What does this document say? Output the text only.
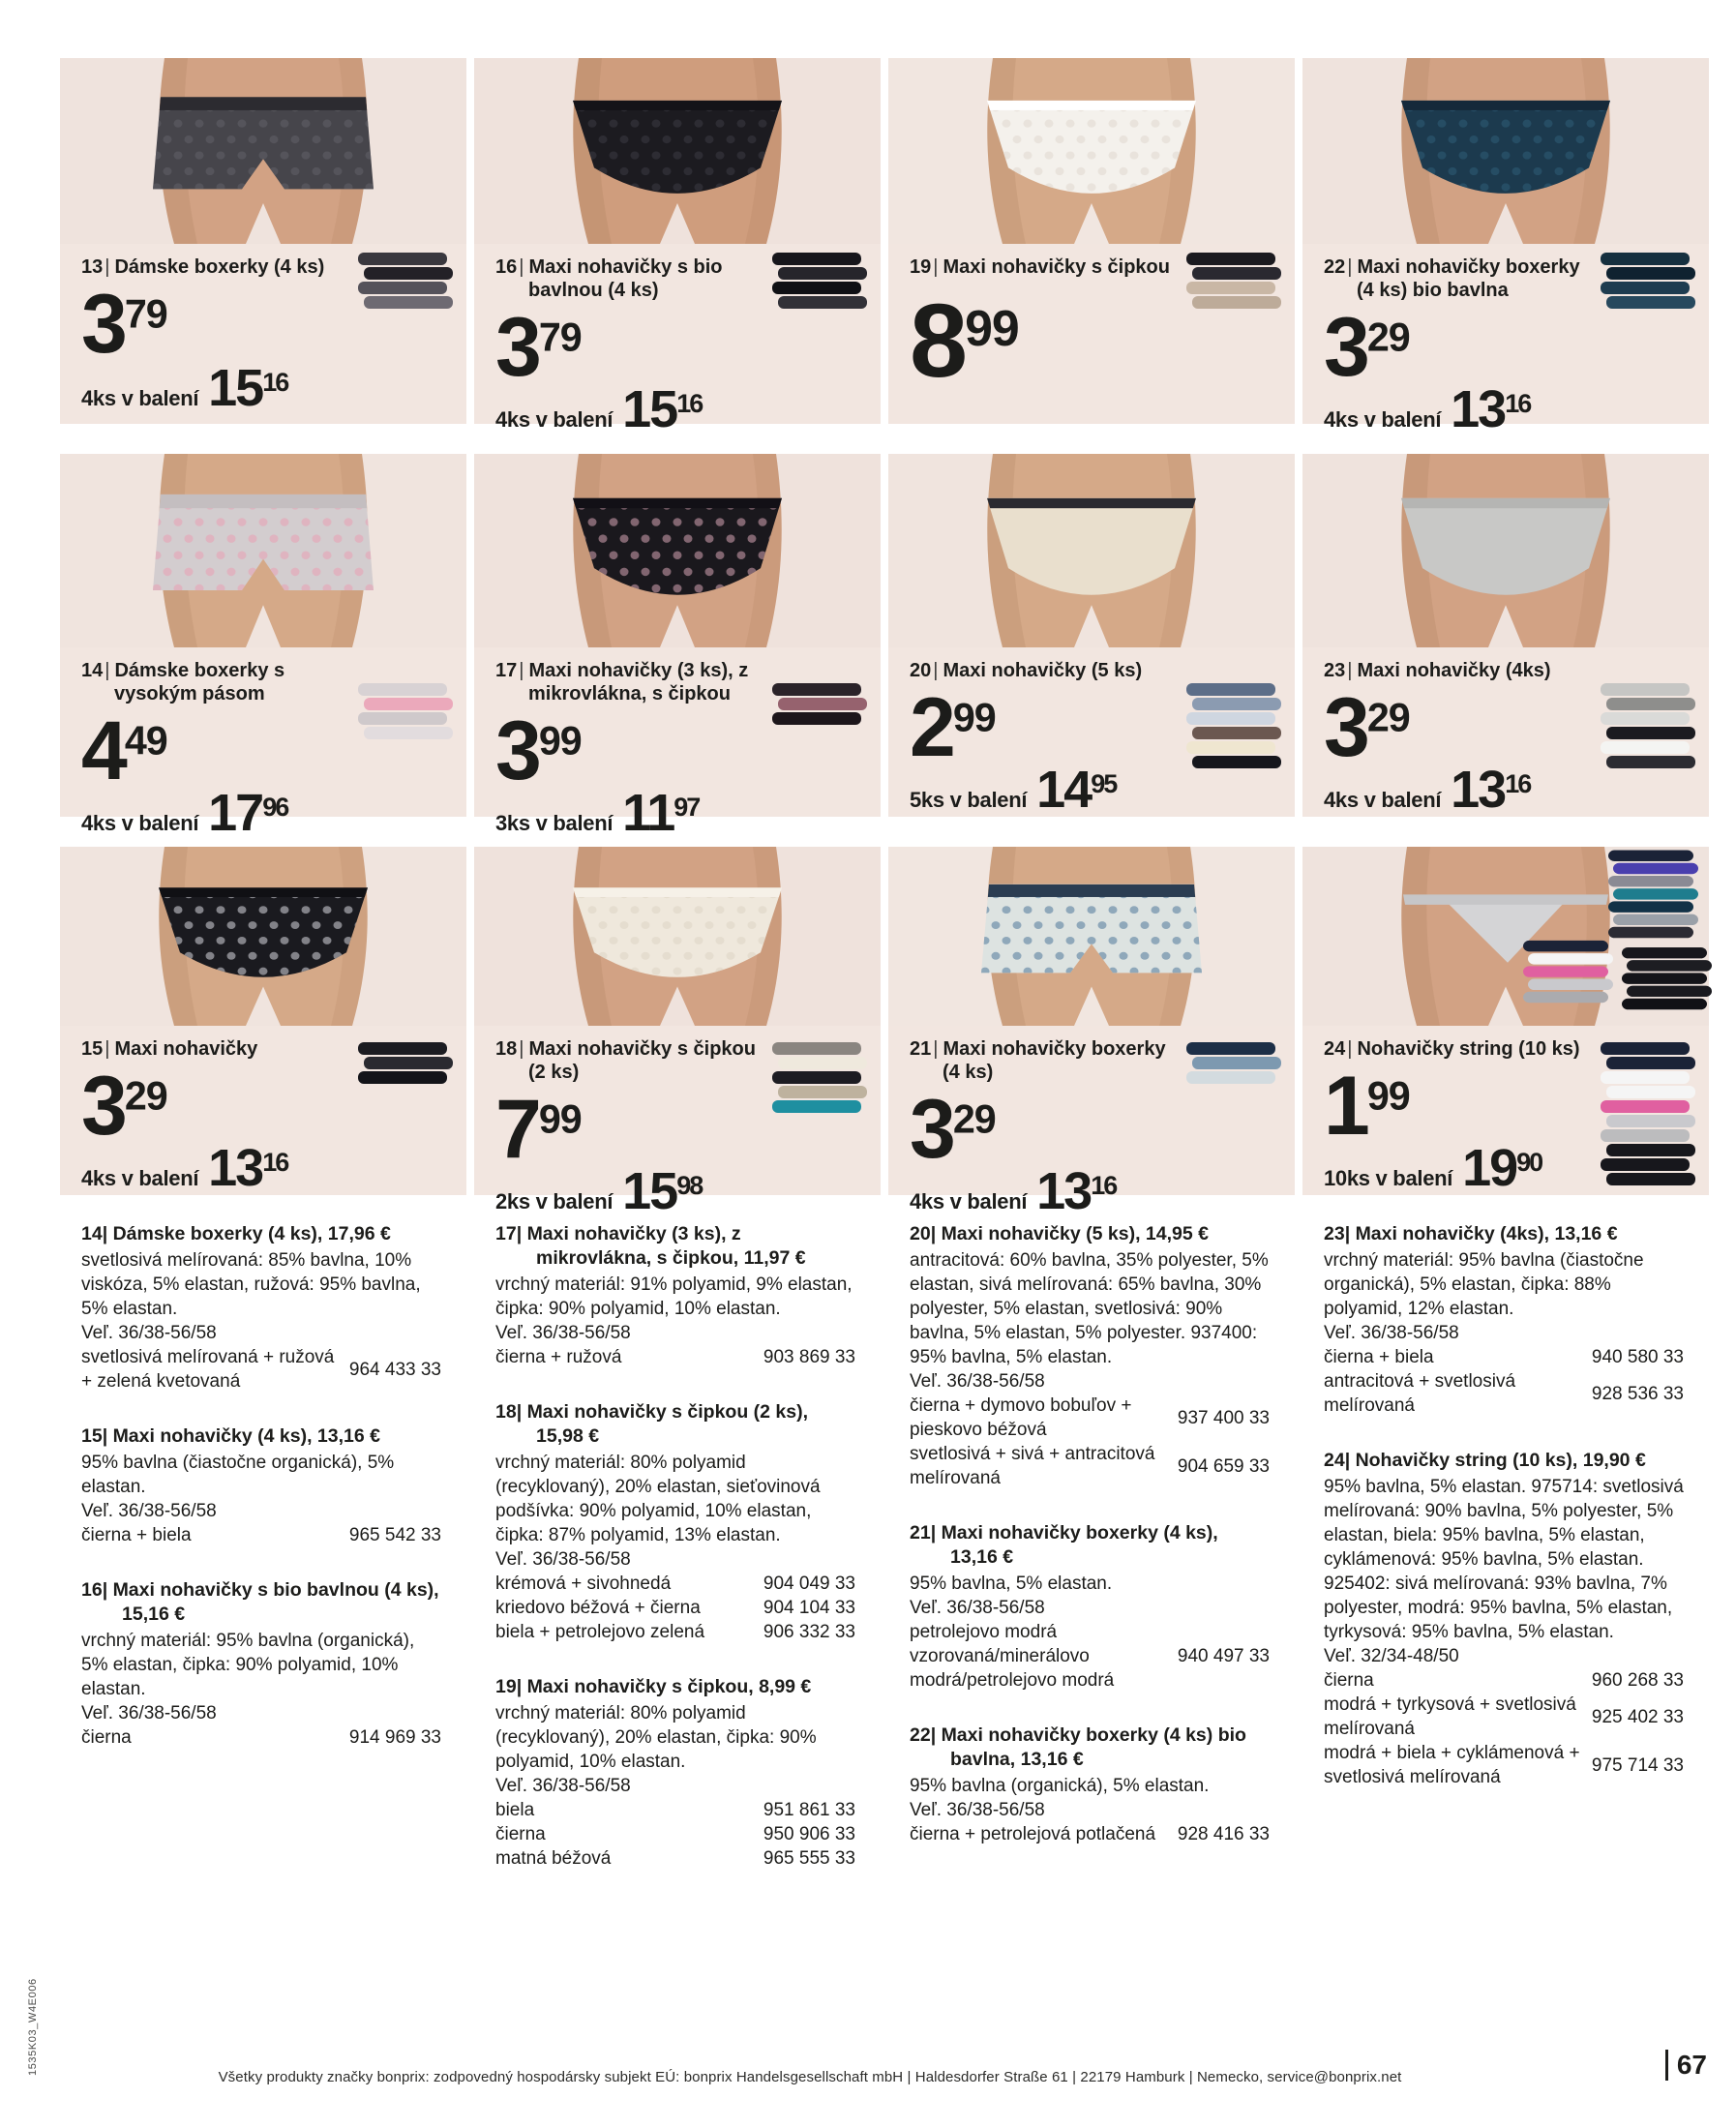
13 | Dámske boxerky (4 ks)
$3^{79}$
4ks v balení $15^{16}$
16 | Maxi nohavičky s bio bavlnou (4 ks)
$3^{79}$
4ks v balení $15^{16}$
19 | Maxi nohavičky s čipkou
$8^{99}$
22 | Maxi nohavičky boxerky (4 ks) bio bavlna
$3^{29}$
4ks v balení $13^{16}$
14 | Dámske boxerky s vysokým pásom
$4^{49}$
4ks v balení $17^{96}$
17 | Maxi nohavičky (3 ks), z mikrovlákna, s čipkou
$3^{99}$
3ks v balení $11^{97}$
20 | Maxi nohavičky (5 ks)
$2^{99}$
5ks v balení $14^{95}$
23 | Maxi nohavičky (4ks)
$3^{29}$
4ks v balení $13^{16}$
15 | Maxi nohavičky
$3^{29}$
4ks v balení $13^{16}$
18 | Maxi nohavičky s čipkou (2 ks)
$7^{99}$
2ks v balení $15^{98}$
21 | Maxi nohavičky boxerky (4 ks)
$3^{29}$
4ks v balení $13^{16}$
24 | Nohavičky string (10 ks)
$1^{99}$
10ks v balení $19^{90}$
14| Dámske boxerky (4 ks), 17,96 €
svetlosivá melírovaná: 85% bavlna, 10% viskóza, 5% elastan, ružová: 95% bavlna, 5% elastan.
Veľ. 36/38-56/58
svetlosivá melírovaná + ružová + zelená kvetovaná
964 433 33
15| Maxi nohavičky (4 ks), 13,16 €
95% bavlna (čiastočne organická), 5% elastan.
Veľ. 36/38-56/58
čierna + biela	965 542 33
16| Maxi nohavičky s bio bavlnou (4 ks), 15,16 €
vrchný materiál: 95% bavlna (organická), 5% elastan, čipka: 90% polyamid, 10% elastan.
Veľ. 36/38-56/58
čierna	914 969 33
17| Maxi nohavičky (3 ks), z mikrovlákna, s čipkou, 11,97 €
vrchný materiál: 91% polyamid, 9% elastan, čipka: 90% polyamid, 10% elastan.
Veľ. 36/38-56/58
čierna + ružová	903 869 33
18| Maxi nohavičky s čipkou (2 ks), 15,98 €
vrchný materiál: 80% polyamid (recyklovaný), 20% elastan, sieťovinová podšívka: 90% polyamid, 10% elastan, čipka: 87% polyamid, 13% elastan.
Veľ. 36/38-56/58
krémová + sivohnedá	904 049 33
kriedovo béžová + čierna	904 104 33
biela + petrolejovo zelená	906 332 33
19| Maxi nohavičky s čipkou, 8,99 €
vrchný materiál: 80% polyamid (recyklovaný), 20% elastan, čipka: 90% polyamid, 10% elastan.
Veľ. 36/38-56/58
biela	951 861 33
čierna	950 906 33
matná béžová	965 555 33
20| Maxi nohavičky (5 ks), 14,95 €
antracitová: 60% bavlna, 35% polyester, 5% elastan, sivá melírovaná: 65% bavlna, 30% polyester, 5% elastan, svetlosivá: 90% bavlna, 5% elastan, 5% polyester. 937400: 95% bavlna, 5% elastan.
Veľ. 36/38-56/58
čierna + dymovo bobuľov + pieskovo béžová
937 400 33
svetlosivá + sivá + antracitová melírovaná
904 659 33
21| Maxi nohavičky boxerky (4 ks), 13,16 €
95% bavlna, 5% elastan.
Veľ. 36/38-56/58
petrolejovo modrá vzorovaná/minerálovo modrá/petrolejovo modrá
940 497 33
22| Maxi nohavičky boxerky (4 ks) bio bavlna, 13,16 €
95% bavlna (organická), 5% elastan.
Veľ. 36/38-56/58
čierna + petrolejová potlačená	928 416 33
23| Maxi nohavičky (4ks), 13,16 €
vrchný materiál: 95% bavlna (čiastočne organická), 5% elastan, čipka: 88% polyamid, 12% elastan.
Veľ. 36/38-56/58
čierna + biela	940 580 33
antracitová + svetlosivá melírovaná
928 536 33
24| Nohavičky string (10 ks), 19,90 €
95% bavlna, 5% elastan. 975714: svetlosivá melírovaná: 90% bavlna, 5% polyester, 5% elastan, biela: 95% bavlna, 5% elastan, cyklámenová: 95% bavlna, 5% elastan. 925402: sivá melírovaná: 93% bavlna, 7% polyester, modrá: 95% bavlna, 5% elastan, tyrkysová: 95% bavlna, 5% elastan.
Veľ. 32/34-48/50
čierna	960 268 33
modrá + tyrkysová + svetlosivá melírovaná
925 402 33
modrá + biela + cyklámenová + svetlosivá melírovaná
975 714 33
Všetky produkty značky bonprix: zodpovedný hospodársky subjekt EÚ: bonprix Handelsgesellschaft mbH | Haldesdorfer Straße 61 | 22179 Hamburk | Nemecko, service@bonprix.net	67
1535K03_W4E006
